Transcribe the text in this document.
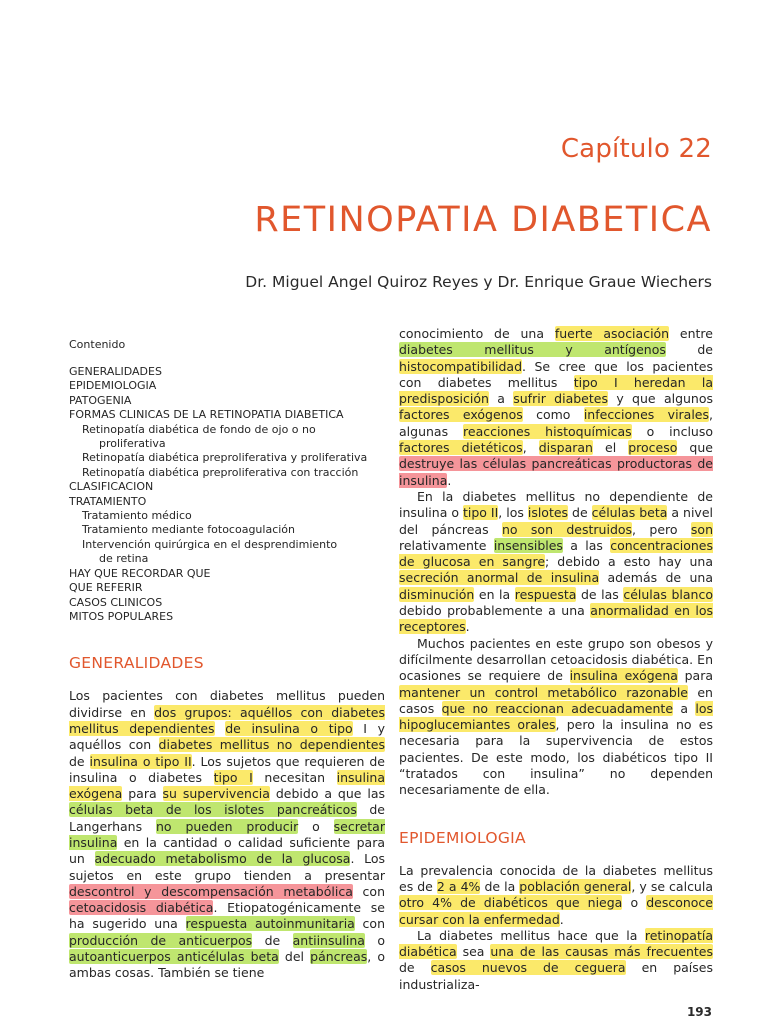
Capítulo 22
RETINOPATIA DIABETICA
Dr. Miguel Angel Quiroz Reyes y Dr. Enrique Graue Wiechers
Contenido
GENERALIDADES
EPIDEMIOLOGIA
PATOGENIA
FORMAS CLINICAS DE LA RETINOPATIA DIABETICA
Retinopatía diabética de fondo de ojo o no
proliferativa
Retinopatía diabética preproliferativa y proliferativa
Retinopatía diabética preproliferativa con tracción
CLASIFICACION
TRATAMIENTO
Tratamiento médico
Tratamiento mediante fotocoagulación
Intervención quirúrgica en el desprendimiento
de retina
HAY QUE RECORDAR QUE
QUE REFERIR
CASOS CLINICOS
MITOS POPULARES
GENERALIDADES

Los pacientes con diabetes mellitus pueden dividirse en dos grupos: aquéllos con diabetes mellitus dependientes de insulina o tipo I y aquéllos con diabetes mellitus no dependientes de insulina o tipo II. Los sujetos que requieren de insulina o diabetes tipo I necesitan insulina exógena para su supervivencia debido a que las células beta de los islotes pancreáticos de Langerhans no pueden producir o secretar insulina en la cantidad o calidad suficiente para un adecuado metabolismo de la glucosa. Los sujetos en este grupo tienden a presentar descontrol y descompensación metabólica con cetoacidosis diabética. Etiopatogénicamente se ha sugerido una respuesta autoinmunitaria con producción de anticuerpos de antiinsulina o autoanticuerpos anticélulas beta del páncreas, o ambas cosas. También se tiene

conocimiento de una fuerte asociación entre diabetes mellitus y antígenos de histocompatibilidad. Se cree que los pacientes con diabetes mellitus tipo I heredan la predisposición a sufrir diabetes y que algunos factores exógenos como infecciones virales, algunas reacciones histoquímicas o incluso factores dietéticos, disparan el proceso que destruye las células pancreáticas productoras de insulina.

En la diabetes mellitus no dependiente de insulina o tipo II, los islotes de células beta a nivel del páncreas no son destruidos, pero son relativamente insensibles a las concentraciones de glucosa en sangre; debido a esto hay una secreción anormal de insulina además de una disminución en la respuesta de las células blanco debido probablemente a una anormalidad en los receptores.

Muchos pacientes en este grupo son obesos y difícilmente desarrollan cetoacidosis diabética. En ocasiones se requiere de insulina exógena para mantener un control metabólico razonable en casos que no reaccionan adecuadamente a los hipoglucemiantes orales, pero la insulina no es necesaria para la supervivencia de estos pacientes. De este modo, los diabéticos tipo II “tratados con insulina” no dependen necesariamente de ella.

EPIDEMIOLOGIA

La prevalencia conocida de la diabetes mellitus es de 2 a 4% de la población general, y se calcula otro 4% de diabéticos que niega o desconoce cursar con la enfermedad.

La diabetes mellitus hace que la retinopatía diabética sea una de las causas más frecuentes de casos nuevos de ceguera en países industrializa-

193
